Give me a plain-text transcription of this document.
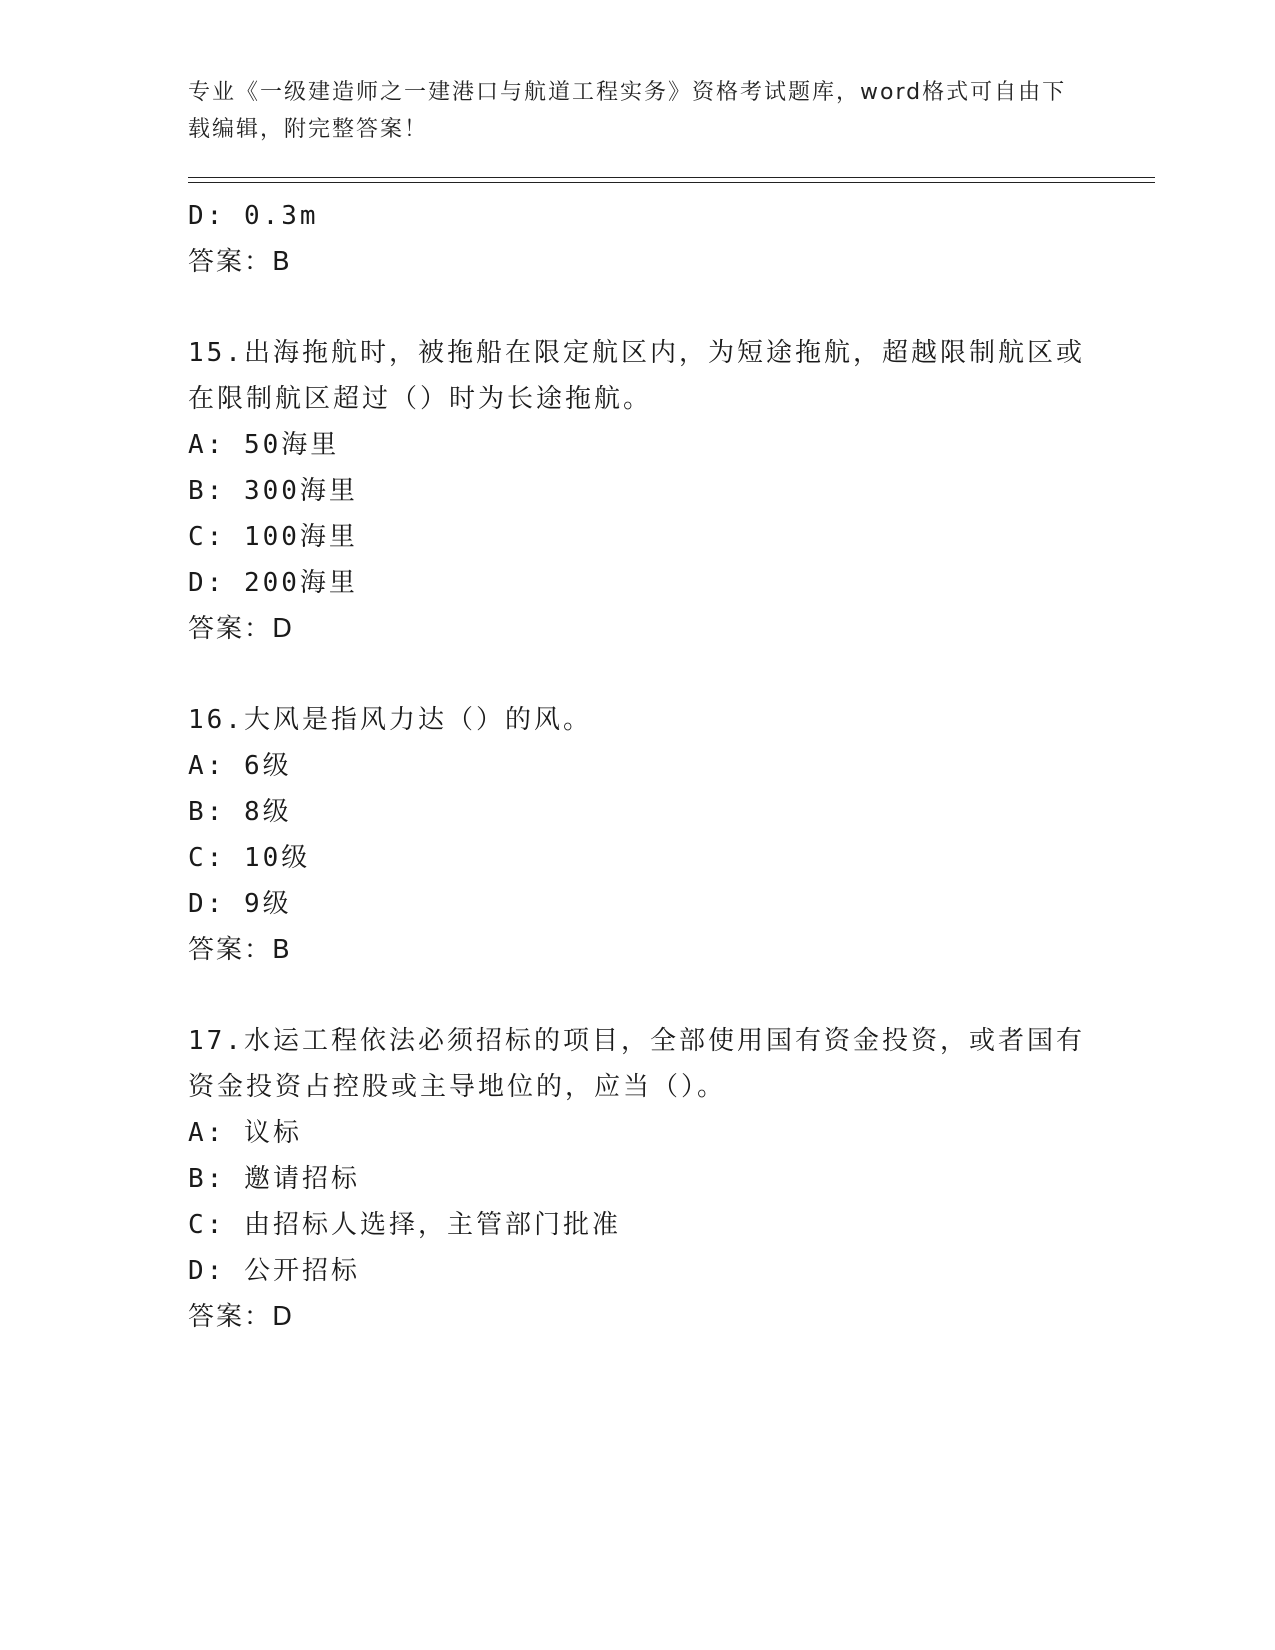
专业《一级建造师之一建港口与航道工程实务》资格考试题库，word格式可自由下载编辑，附完整答案！
D: 0.3m
答案：B
15.出海拖航时，被拖船在限定航区内，为短途拖航，超越限制航区或
在限制航区超过（）时为长途拖航。
A: 50海里
B: 300海里
C: 100海里
D: 200海里
答案：D
16.大风是指风力达（）的风。
A: 6级
B: 8级
C: 10级
D: 9级
答案：B
17.水运工程依法必须招标的项目，全部使用国有资金投资，或者国有
资金投资占控股或主导地位的，应当（）。
A: 议标
B: 邀请招标
C: 由招标人选择，主管部门批准
D: 公开招标
答案：D
